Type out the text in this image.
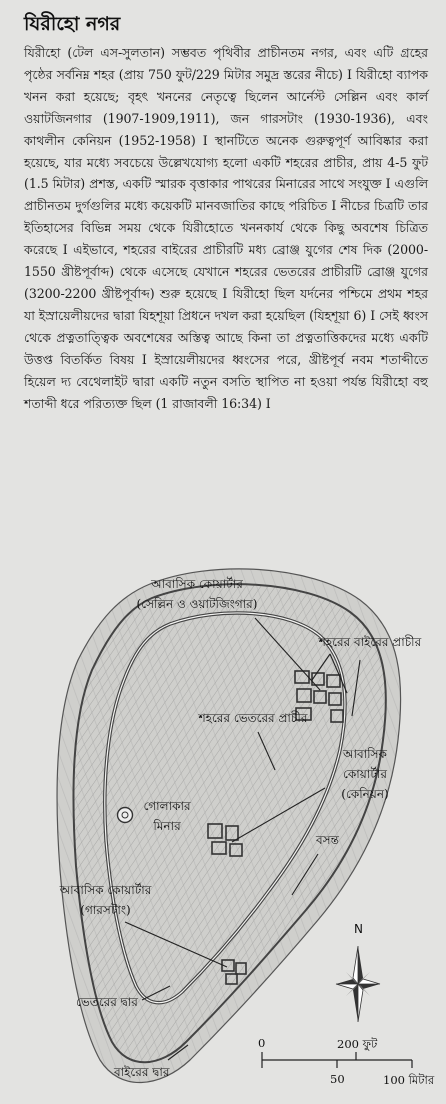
যিরীহো নগর
যিরীহো (টেল এস-সুলতান) সম্ভবত পৃথিবীর প্রাচীনতম নগর, এবং এটি গ্রহের পৃষ্ঠের সর্বনিম্ন শহর (প্রায় 750 ফুট/229 মিটার সমুদ্র স্তরের নীচে) I যিরীহো ব্যাপক খনন করা হয়েছে; বৃহৎ খননের নেতৃত্বে ছিলেন আর্নেস্ট সেল্লিন এবং কার্ল ওয়াটজিনগার (1907-1909,1911), জন গারসটাং (1930-1936), এবং কাথলীন কেনিয়ন (1952-1958) I স্থানটিতে অনেক গুরুত্বপূর্ণ আবিষ্কার করা হয়েছে, যার মধ্যে সবচেয়ে উল্লেখযোগ্য হলো একটি শহরের প্রাচীর, প্রায় 4-5 ফুট (1.5 মিটার) প্রশস্ত, একটি স্মারক বৃত্তাকার পাথরের মিনারের সাথে সংযুক্ত I এগুলি প্রাচীনতম দুর্গগুলির মধ্যে কয়েকটি মানবজাতির কাছে পরিচিত I নীচের চিত্রটি তার ইতিহাসের বিভিন্ন সময় থেকে যিরীহোতে খননকার্য থেকে কিছু অবশেষ চিত্রিত করেছে I এইভাবে, শহরের বাইরের প্রাচীরটি মধ্য ব্রোঞ্জ যুগের শেষ দিক (2000-1550 খ্রীষ্টপূর্বাব্দ) থেকে এসেছে যেখানে শহরের ভেতরের প্রাচীরটি ব্রোঞ্জ যুগের (3200-2200 খ্রীষ্টপূর্বাব্দ) শুরু হয়েছে I যিরীহো ছিল যর্দনের পশ্চিমে প্রথম শহর যা ইস্রায়েলীয়দের দ্বারা যিহশূয়া প্রিধনে দখল করা হয়েছিল (যিহশূয়া 6) I সেই ধ্বংস থেকে প্রত্নতাত্ত্বিক অবশেষের অস্তিত্ব আছে কিনা তা প্রত্নতাত্তিকদের মধ্যে একটি উত্তপ্ত বিতর্কিত বিষয় I ইস্রায়েলীয়দের ধ্বংসের পরে, খ্রীষ্টপূর্ব নবম শতাব্দীতে হিয়েল দ্য বেথেলাইট দ্বারা একটি নতুন বসতি স্থাপিত না হওয়া পর্যন্ত যিরীহো বহু শতাব্দী ধরে পরিত্যক্ত ছিল (1 রাজাবলী 16:34) I
আবাসিক কোয়ার্টার
(সেল্লিন ও ওয়াটজিংগার)
শহরের বাইরের প্রাচীর
শহরের ভেতরের প্রাচীর
আবাসিক
কোয়ার্টার
(কেনিয়ন)
গোলাকার
মিনার
বসন্ত
আবাসিক কোয়ার্টার
(গারসটাং)
ভেতরের দ্বার
বাইরের দ্বার
N
0	200 ফুট
50	100 মিটার
